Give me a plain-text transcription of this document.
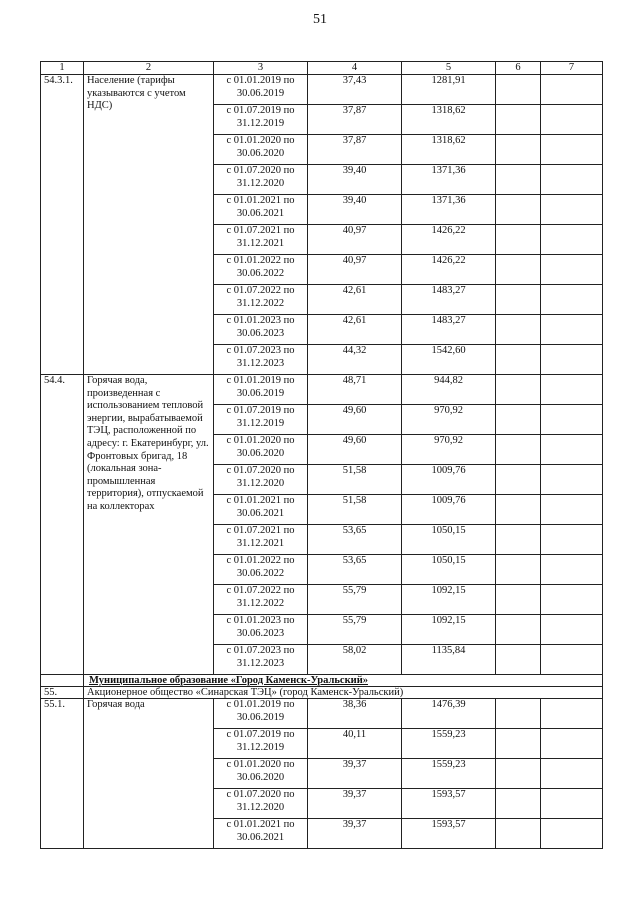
51
1	2	3	4	5	6	7
54.3.1.	Население (тарифы указываются с учетом НДС)	с 01.01.2019 по 30.06.2019	37,43	1281,91		
		с 01.07.2019 по 31.12.2019	37,87	1318,62		
		с 01.01.2020 по 30.06.2020	37,87	1318,62		
		с 01.07.2020 по 31.12.2020	39,40	1371,36		
		с 01.01.2021 по 30.06.2021	39,40	1371,36		
		с 01.07.2021 по 31.12.2021	40,97	1426,22		
		с 01.01.2022 по 30.06.2022	40,97	1426,22		
		с 01.07.2022 по 31.12.2022	42,61	1483,27		
		с 01.01.2023 по 30.06.2023	42,61	1483,27		
		с 01.07.2023 по 31.12.2023	44,32	1542,60		
54.4.	Горячая вода, произведенная с использованием тепловой энергии, вырабатываемой ТЭЦ, расположенной по адресу: г. Екатеринбург, ул. Фронтовых бригад, 18 (локальная зона-промышленная территория), отпускаемой на коллекторах	с 01.01.2019 по 30.06.2019	48,71	944,82		
		с 01.07.2019 по 31.12.2019	49,60	970,92		
		с 01.01.2020 по 30.06.2020	49,60	970,92		
		с 01.07.2020 по 31.12.2020	51,58	1009,76		
		с 01.01.2021 по 30.06.2021	51,58	1009,76		
		с 01.07.2021 по 31.12.2021	53,65	1050,15		
		с 01.01.2022 по 30.06.2022	53,65	1050,15		
		с 01.07.2022 по 31.12.2022	55,79	1092,15		
		с 01.01.2023 по 30.06.2023	55,79	1092,15		
		с 01.07.2023 по 31.12.2023	58,02	1135,84		
	Муниципальное образование «Город Каменск-Уральский»					
55.	Акционерное общество «Синарская ТЭЦ» (город Каменск-Уральский)					
55.1.	Горячая вода	с 01.01.2019 по 30.06.2019	38,36	1476,39		
		с 01.07.2019 по 31.12.2019	40,11	1559,23		
		с 01.01.2020 по 30.06.2020	39,37	1559,23		
		с 01.07.2020 по 31.12.2020	39,37	1593,57		
		с 01.01.2021 по 30.06.2021	39,37	1593,57		
